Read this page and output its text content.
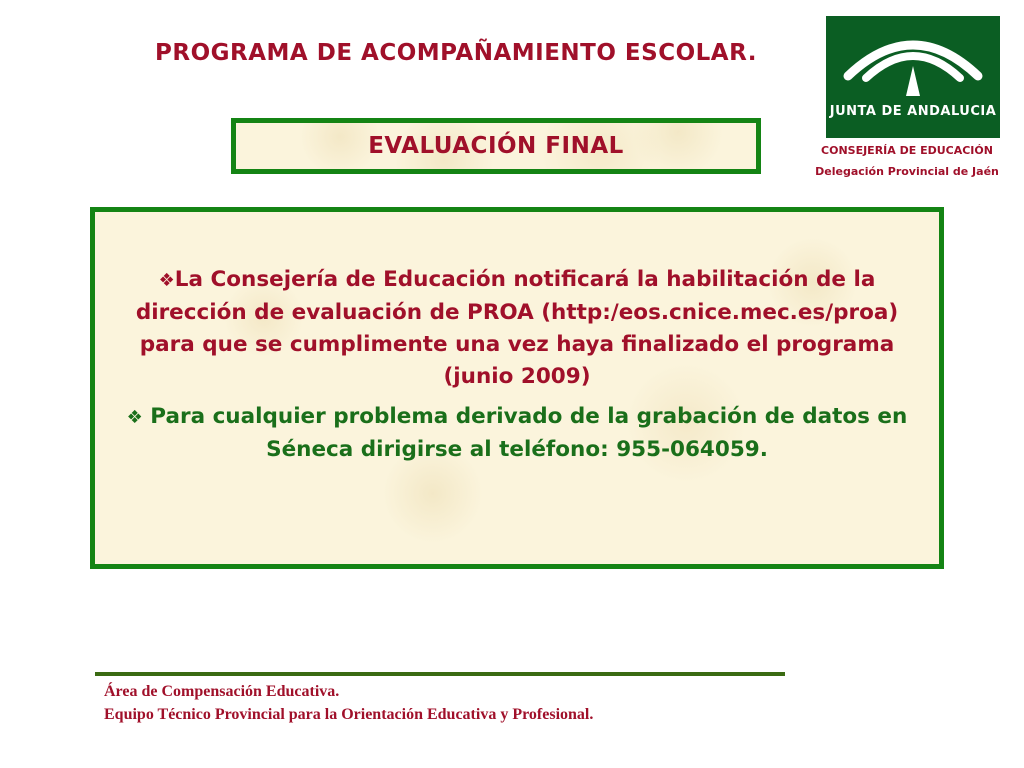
PROGRAMA DE ACOMPAÑAMIENTO ESCOLAR.
EVALUACIÓN FINAL
JUNTA DE ANDALUCIA
CONSEJERÍA DE EDUCACIÓN
Delegación Provincial de Jaén

❖La Consejería de Educación notificará la habilitación de la dirección de evaluación de PROA (http:/eos.cnice.mec.es/proa) para que se cumplimente una vez haya finalizado el programa (junio 2009)

❖ Para cualquier problema derivado de la grabación de datos en Séneca dirigirse al teléfono: 955-064059.

Área de Compensación Educativa.
Equipo Técnico Provincial para la Orientación Educativa y Profesional.
